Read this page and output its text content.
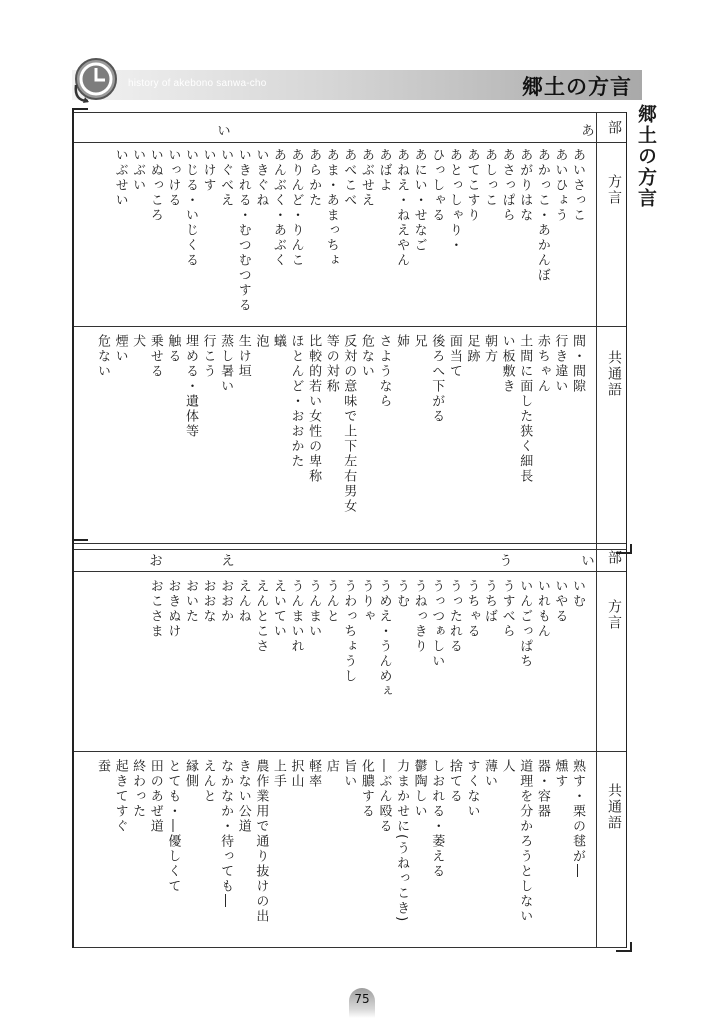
history of akebono sanwa-cho	郷土の方言
郷土の方言
部
方言
共通語
あ
い
あいさっこ
あいひょう
あかっこ・あかんぼ
あがりはな
あさっぱら
あしっこ
あてこすり
あとっしゃり・
ひっしゃる
あにい・せなご
あねえ・ねえやん
あばよ
あぶせえ
あべこべ
あま・あまっちょ
あらかた
ありんど・りんこ
あんぶく・あぶく
いきぐね
いきれる・むつむつする
いぐべえ
いけす
いじる・いじくる
いっける
いぬっころ
いぶい
いぶせい
間・間隙
行き違い
赤ちゃん
土間に面した狭く細長
い板敷き
朝方
足跡
面当て
後ろへ下がる
兄
姉
さようなら
危ない
反対の意味で上下左右男女
等の対称
比較的若い女性の卑称
ほとんど・おおかた
蟻
泡
生け垣
蒸し暑い
行こう
埋める・遺体等
触る
乗せる
犬
煙い
危ない
部
方言
共通語
い
う
え
お
いむ
いやる
いれもん
いんごっぱち
うすべら
うちば
うちゃる
うったれる
うっつぁしい
うねっきり
うむ
うめえ・うんめぇ
うりゃ
うわっちょうし
うんと
うんまい
うんまいれ
えいてい
えんとこさ
えんね
おおか
おおな
おいた
おきぬけ
おこさま
熟す・栗の毬が―
燻す
器・容器
道理を分かろうとしない
人
薄い
すくない
捨てる
しおれる・萎える
鬱陶しい
力まかせに(うねっこき)
―ぶん殴る
化膿する
旨い
店
軽率
択山
上手
農作業用で通り抜けの出
きない公道
なかなか・待っても―
えんと
縁側
とても・―優しくて
田のあぜ道
終わった
起きてすぐ
蚕
75
